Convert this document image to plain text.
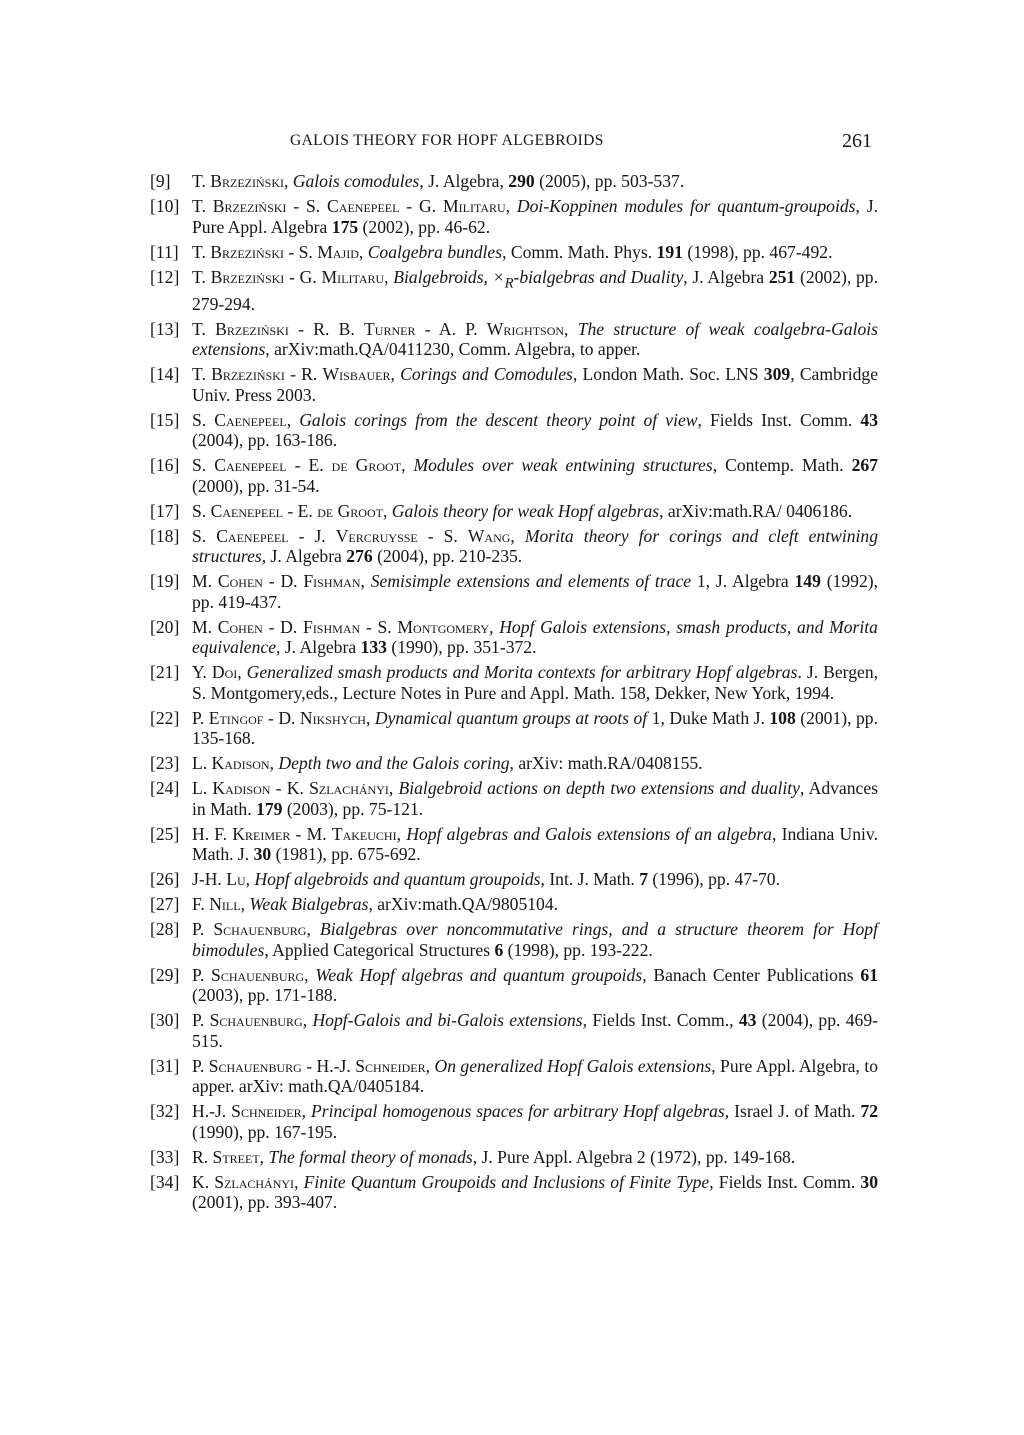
GALOIS THEORY FOR HOPF ALGEBROIDS	261
[9] T. Brzeziński, Galois comodules, J. Algebra, 290 (2005), pp. 503-537.
[10] T. Brzeziński - S. Caenepeel - G. Militaru, Doi-Koppinen modules for quantum-groupoids, J. Pure Appl. Algebra 175 (2002), pp. 46-62.
[11] T. Brzeziński - S. Majid, Coalgebra bundles, Comm. Math. Phys. 191 (1998), pp. 467-492.
[12] T. Brzeziński - G. Militaru, Bialgebroids, $\times_R$-bialgebras and Duality, J. Algebra 251 (2002), pp. 279-294.
[13] T. Brzeziński - R. B. Turner - A. P. Wrightson, The structure of weak coalgebra-Galois extensions, arXiv:math.QA/0411230, Comm. Algebra, to apper.
[14] T. Brzeziński - R. Wisbauer, Corings and Comodules, London Math. Soc. LNS 309, Cambridge Univ. Press 2003.
[15] S. Caenepeel, Galois corings from the descent theory point of view, Fields Inst. Comm. 43 (2004), pp. 163-186.
[16] S. Caenepeel - E. de Groot, Modules over weak entwining structures, Contemp. Math. 267 (2000), pp. 31-54.
[17] S. Caenepeel - E. de Groot, Galois theory for weak Hopf algebras, arXiv:math.RA/ 0406186.
[18] S. Caenepeel - J. Vercruysse - S. Wang, Morita theory for corings and cleft entwining structures, J. Algebra 276 (2004), pp. 210-235.
[19] M. Cohen - D. Fishman, Semisimple extensions and elements of trace 1, J. Algebra 149 (1992), pp. 419-437.
[20] M. Cohen - D. Fishman - S. Montgomery, Hopf Galois extensions, smash products, and Morita equivalence, J. Algebra 133 (1990), pp. 351-372.
[21] Y. Doi, Generalized smash products and Morita contexts for arbitrary Hopf algebras. J. Bergen, S. Montgomery,eds., Lecture Notes in Pure and Appl. Math. 158, Dekker, New York, 1994.
[22] P. Etingof - D. Nikshych, Dynamical quantum groups at roots of 1, Duke Math J. 108 (2001), pp. 135-168.
[23] L. Kadison, Depth two and the Galois coring, arXiv: math.RA/0408155.
[24] L. Kadison - K. Szlachányi, Bialgebroid actions on depth two extensions and duality, Advances in Math. 179 (2003), pp. 75-121.
[25] H. F. Kreimer - M. Takeuchi, Hopf algebras and Galois extensions of an algebra, Indiana Univ. Math. J. 30 (1981), pp. 675-692.
[26] J-H. Lu, Hopf algebroids and quantum groupoids, Int. J. Math. 7 (1996), pp. 47-70.
[27] F. Nill, Weak Bialgebras, arXiv:math.QA/9805104.
[28] P. Schauenburg, Bialgebras over noncommutative rings, and a structure theorem for Hopf bimodules, Applied Categorical Structures 6 (1998), pp. 193-222.
[29] P. Schauenburg, Weak Hopf algebras and quantum groupoids, Banach Center Publications 61 (2003), pp. 171-188.
[30] P. Schauenburg, Hopf-Galois and bi-Galois extensions, Fields Inst. Comm., 43 (2004), pp. 469-515.
[31] P. Schauenburg - H.-J. Schneider, On generalized Hopf Galois extensions, Pure Appl. Algebra, to apper. arXiv: math.QA/0405184.
[32] H.-J. Schneider, Principal homogenous spaces for arbitrary Hopf algebras, Israel J. of Math. 72 (1990), pp. 167-195.
[33] R. Street, The formal theory of monads, J. Pure Appl. Algebra 2 (1972), pp. 149-168.
[34] K. Szlachányi, Finite Quantum Groupoids and Inclusions of Finite Type, Fields Inst. Comm. 30 (2001), pp. 393-407.
